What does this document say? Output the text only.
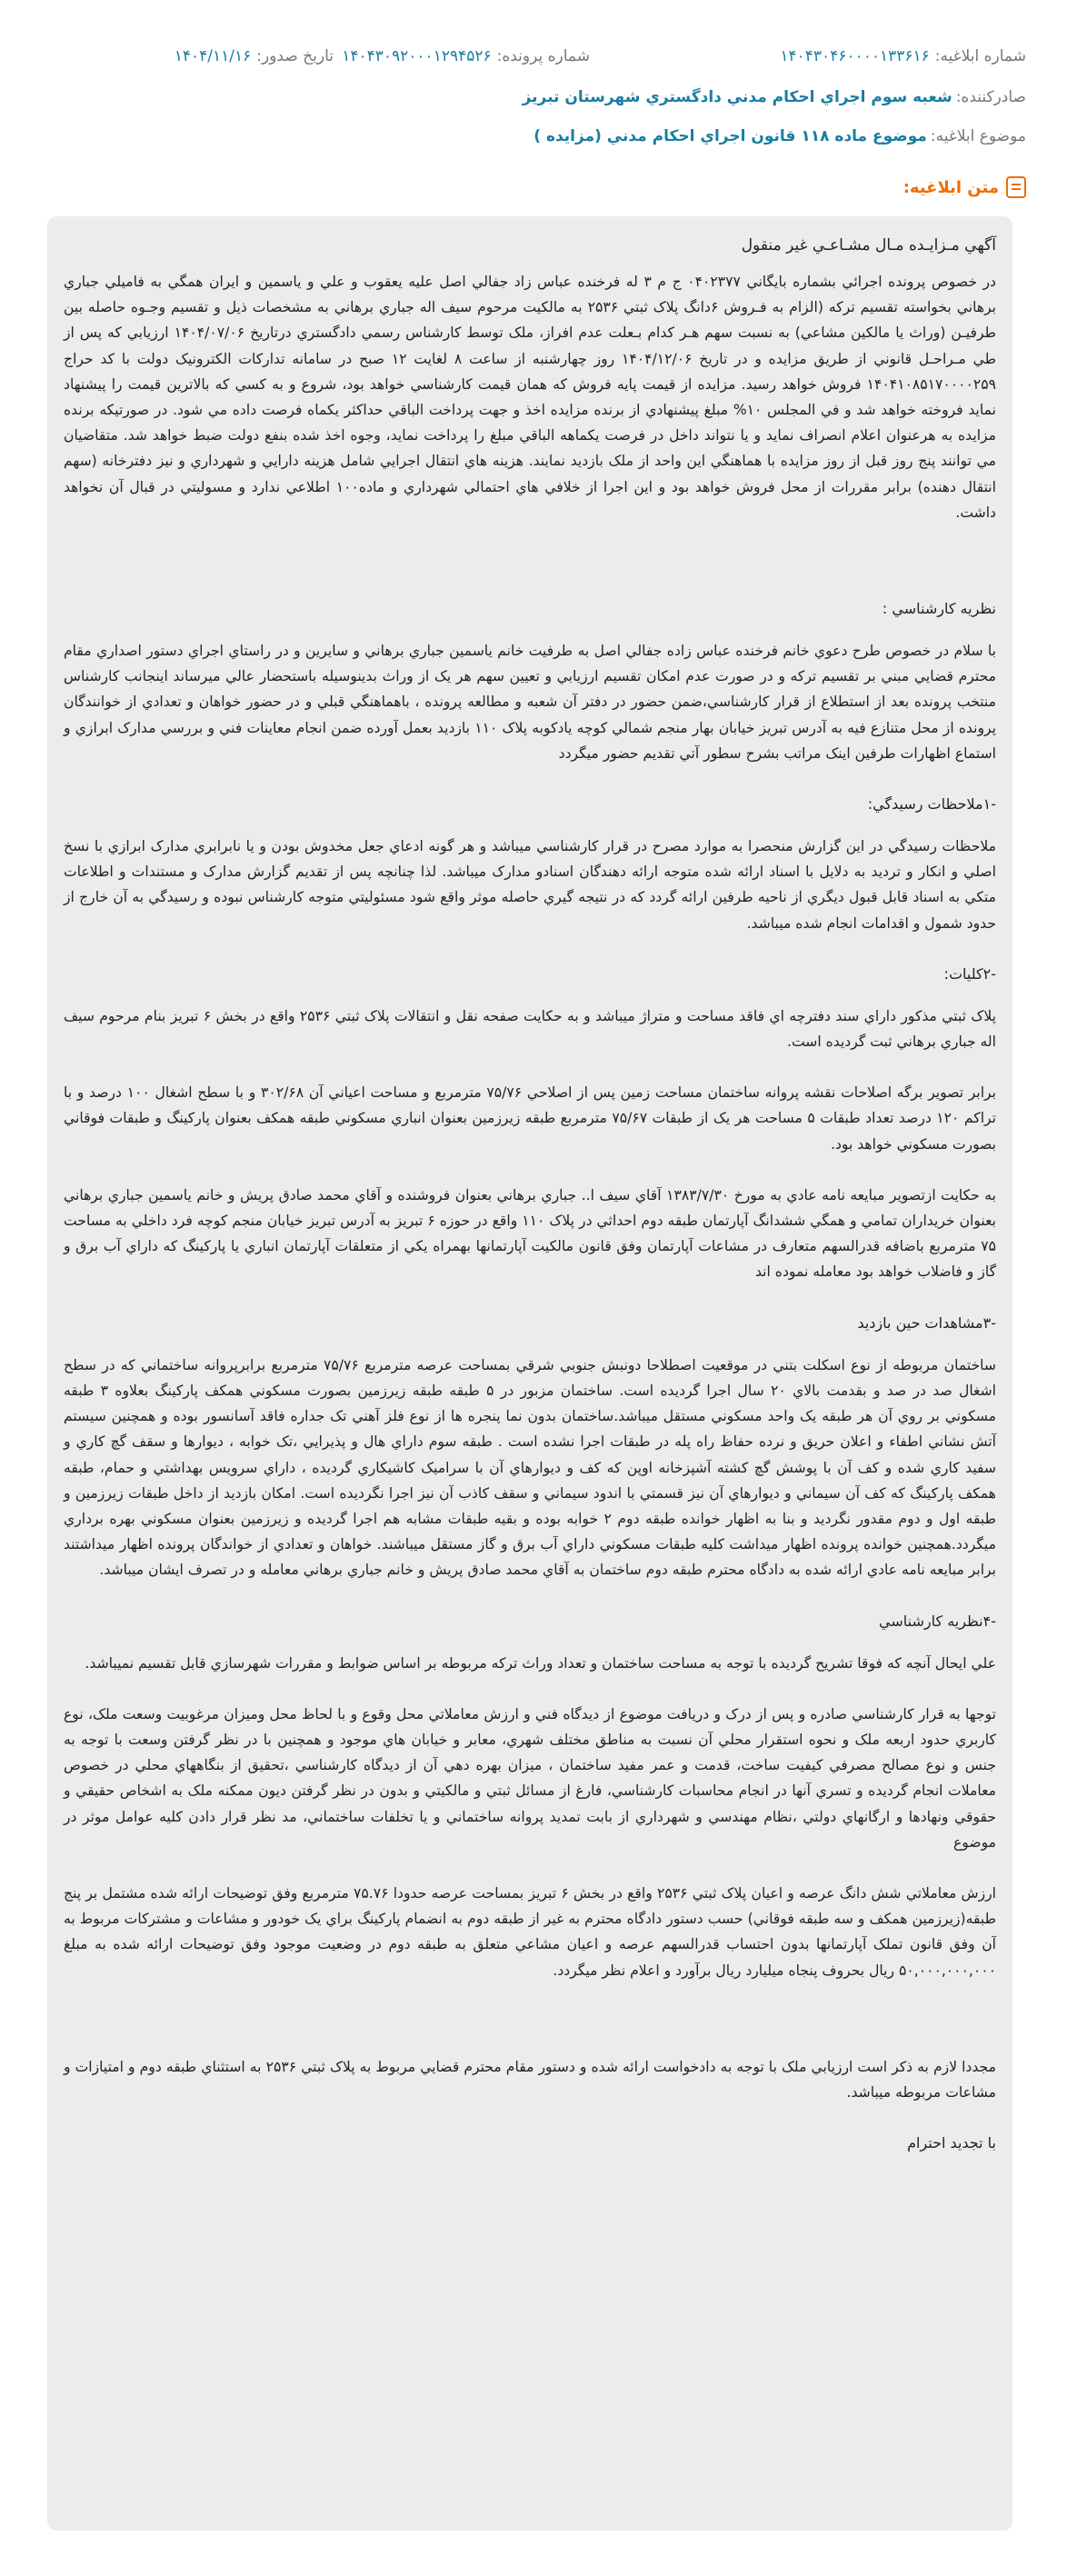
شماره ابلاغيه:۱۴۰۴۳۰۴۶۰۰۰۰۱۳۳۶۱۶
شماره پرونده:۱۴۰۴۳۰۹۲۰۰۰۱۲۹۴۵۲۶
تاريخ صدور:۱۴۰۴/۱۱/۱۶
صادرکننده:شعبه سوم اجراي احکام مدني دادگستري شهرستان تبريز
موضوع ابلاغيه:موضوع ماده ۱۱۸ قانون اجراي احکام مدني (مزايده )
متن ابلاغيه:
آگهي مـزايـده مـال مشـاعـي غير منقول

در خصوص پرونده اجرائي بشماره بايگاني ۰۴۰۲۳۷۷ ج م ۳ له فرخنده عباس زاد جفالي اصل عليه يعقوب و علي و ياسمين و ايران همگي به فاميلي جباري برهاني بخواسته تقسيم ترکه (الزام به فـروش ۶دانگ پلاک ثبتي ۲۵۳۶ به مالکيت مرحوم سيف اله جباري برهاني به مشخصات ذيل و تقسيم وجـوه حاصله بين طرفيـن (وراث يا مالکين مشاعي) به نسبت سهم هـر کدام بـعلت عدم افراز، ملک توسط کارشناس رسمي دادگستري درتاريخ ۱۴۰۴/۰۷/۰۶ ارزيابي که پس از طي مـراحـل قانوني از طريق مزايده و در تاريخ ۱۴۰۴/۱۲/۰۶ روز چهارشنبه از ساعت ۸ لغايت ۱۲ صبح در سامانه تدارکات الکترونيک دولت با کد حراج ۱۴۰۴۱۰۸۵۱۷۰۰۰۰۲۵۹ فروش خواهد رسيد. مزايده از قيمت پايه فروش که همان قيمت کارشناسي خواهد بود، شروع و به کسي که بالاترين قيمت را پيشنهاد نمايد فروخته خواهد شد و في المجلس ۱۰% مبلغ پيشنهادي از برنده مزايده اخذ و جهت پرداخت الباقي حداکثر يکماه فرصت داده مي شود. در صورتيکه برنده مزايده به هرعنوان اعلام انصراف نمايد و يا نتواند داخل در فرصت يکماهه الباقي مبلغ را پرداخت نمايد، وجوه اخذ شده بنفع دولت ضبط خواهد شد. متقاضيان مي توانند پنج روز قبل از روز مزايده با هماهنگي اين واحد از ملک بازديد نمايند. هزينه هاي انتقال اجرايي شامل هزينه دارايي و شهرداري و نيز دفترخانه (سهم انتقال دهنده) برابر مقررات از محل فروش خواهد بود و اين اجرا از خلافي هاي احتمالي شهرداري و ماده۱۰۰ اطلاعي ندارد و مسوليتي در قبال آن نخواهد داشت.

نظريه کارشناسي :

با سلام در خصوص طرح دعوي خانم فرخنده عباس زاده جفالي اصل به طرفيت خانم ياسمين جباري برهاني و سايرين و در راستاي اجراي دستور اصداري مقام محترم قضايي مبني بر تقسيم ترکه و در صورت عدم امکان تقسيم ارزيابي و تعيين سهم هر يک از وراث بدينوسيله باستحضار عالي ميرساند اينجانب کارشناس منتخب پرونده بعد از استطلاع از قرار کارشناسي،ضمن حضور در دفتر آن شعبه و مطالعه پرونده ، باهماهنگي قبلي و در حضور خواهان و تعدادي از خوانندگان پرونده از محل متنازع فيه به آدرس تبريز خيابان بهار منجم شمالي کوچه يادکوبه پلاک ۱۱۰ بازديد بعمل آورده ضمن انجام معاينات فني و بررسي مدارک ابرازي و استماع اظهارات طرفين اينک مراتب بشرح سطور آتي تقديم حضور ميگردد

-۱ملاحظات رسيدگي:

ملاحظات رسيدگي در اين گزارش منحصرا به موارد مصرح در قرار کارشناسي ميباشد و هر گونه ادعاي جعل مخدوش بودن و يا نابرابري مدارک ابرازي با نسخ اصلي و انکار و ترديد به دلايل با اسناد ارائه شده متوجه ارائه دهندگان اسنادو مدارک ميباشد. لذا چنانچه پس از تقديم گزارش مدارک و مستندات و اطلاعات متکي به اسناد قابل قبول ديگري از ناحيه طرفين ارائه گردد که در نتيجه گيري حاصله موثر واقع شود مسئوليتي متوجه کارشناس نبوده و رسيدگي به آن خارج از حدود شمول و اقدامات انجام شده ميباشد.

-۲کليات:

پلاک ثبتي مذکور داراي سند دفترچه اي فاقد مساحت و متراژ ميباشد و به حکايت صفحه نقل و انتقالات پلاک ثبتي ۲۵۳۶ واقع در بخش ۶ تبريز بنام مرحوم سيف اله جباري برهاني ثبت گرديده است.

برابر تصوير برگه اصلاحات نقشه پروانه ساختمان مساحت زمين پس از اصلاحي ۷۵/۷۶ مترمربع و مساحت اعياني آن ۳۰۲/۶۸ و با سطح اشغال ۱۰۰ درصد و با تراکم ۱۲۰ درصد تعداد طبقات ۵ مساحت هر يک از طبقات ۷۵/۶۷ مترمربع طبقه زيرزمين بعنوان انباري مسکوني طبقه همکف بعنوان پارکينگ و طبقات فوقاني بصورت مسکوني خواهد بود.

به حکايت ازتصوير مبايعه نامه عادي به مورخ ۱۳۸۳/۷/۳۰ آقاي سيف ا.. جباري برهاني بعنوان فروشنده و آقاي محمد صادق پريش و خانم ياسمين جباري برهاني بعنوان خريداران تمامي و همگي ششدانگ آپارتمان طبقه دوم احداثي در پلاک ۱۱۰ واقع در حوزه ۶ تبريز به آدرس تبريز خيابان منجم کوچه فرد داخلي به مساحت ۷۵ مترمربع باضافه قدرالسهم متعارف در مشاعات آپارتمان وفق قانون مالکيت آپارتمانها بهمراه يکي از متعلقات آپارتمان انباري يا پارکينگ که داراي آب برق و گاز و فاضلاب خواهد بود معامله نموده اند

-۳مشاهدات حين بازديد

ساختمان مربوطه از نوع اسکلت بتني در موقعيت اصطلاحا دونبش جنوبي شرقي بمساحت عرصه مترمربع ۷۵/۷۶ مترمربع برابرپروانه ساختماني که در سطح اشغال صد در صد و بقدمت بالاي ۲۰ سال اجرا گرديده است. ساختمان مزبور در ۵ طبقه طبقه زيرزمين بصورت مسکوني همکف پارکينگ بعلاوه ۳ طبقه مسکوني بر روي آن هر طبقه يک واحد مسکوني مستقل ميباشد.ساختمان بدون نما پنجره ها از نوع فلز آهني تک جداره فاقد آسانسور بوده و همچنين سيستم آتش نشاني اطفاء و اعلان حريق و نرده حفاظ راه پله در طبقات اجرا نشده است . طبقه سوم داراي هال و پذيرايي ،تک خوابه ، ديوارها و سقف گچ کاري و سفيد کاري شده و کف آن با پوشش گچ کشته آشپزخانه اوپن که کف و ديوارهاي آن با سراميک کاشيکاري گرديده ، داراي سرويس بهداشتي و حمام، طبقه همکف پارکينگ که کف آن سيماني و ديوارهاي آن نيز قسمتي با اندود سيماني و سقف کاذب آن نيز اجرا نگرديده است. امکان بازديد از داخل طبقات زيرزمين و طبقه اول و دوم مقدور نگرديد و بنا به اظهار خوانده طبقه دوم ۲ خوابه بوده و بقيه طبقات مشابه هم اجرا گرديده و زيرزمين بعنوان مسکوني بهره برداري ميگردد.همچنين خوانده پرونده اظهار ميداشت کليه طبقات مسکوني داراي آب برق و گاز مستقل ميباشند. خواهان و تعدادي از خواندگان پرونده اظهار ميداشتند برابر مبايعه نامه عادي ارائه شده به دادگاه محترم طبقه دوم ساختمان به آقاي محمد صادق پريش و خانم جباري برهاني معامله و در تصرف ايشان ميباشد.

-۴نظريه کارشناسي

علي ايحال آنچه که فوقا تشريح گرديده با توجه به مساحت ساختمان و تعداد وراث ترکه مربوطه بر اساس ضوابط و مقررات شهرسازي قابل تقسيم نميباشد.

توجها به قرار کارشناسي صادره و پس از درک و دريافت موضوع از ديدگاه فني و ارزش معاملاتي محل وقوع و با لحاظ محل وميزان مرغوبيت وسعت ملک، نوع کاربري حدود اربعه ملک و نحوه استقرار محلي آن نسبت به مناطق مختلف شهري، معابر و خيابان هاي موجود و همچنين با در نظر گرفتن وسعت با توجه به جنس و نوع مصالح مصرفي کيفيت ساخت، قدمت و عمر مفيد ساختمان ، ميزان بهره دهي آن از ديدگاه کارشناسي ،تحقيق از بنگاههاي محلي در خصوص معاملات انجام گرديده و تسري آنها در انجام محاسبات کارشناسي، فارغ از مسائل ثبتي و مالکيتي و بدون در نظر گرفتن ديون ممکنه ملک به اشخاص حقيقي و حقوقي ونهادها و ارگانهاي دولتي ،نظام مهندسي و شهرداري از بابت تمديد پروانه ساختماني و يا تخلفات ساختماني، مد نظر قرار دادن کليه عوامل موثر در موضوع

ارزش معاملاتي شش دانگ عرصه و اعيان پلاک ثبتي ۲۵۳۶ واقع در بخش ۶ تبريز بمساحت عرصه حدودا ۷۵.۷۶ مترمربع وفق توضيحات ارائه شده مشتمل بر پنج طبقه(زيرزمين همکف و سه طبقه فوقاني) حسب دستور دادگاه محترم به غير از طبقه دوم به انضمام پارکينگ براي يک خودور و مشاعات و مشترکات مربوط به آن وفق قانون تملک آپارتمانها بدون احتساب قدرالسهم عرصه و اعيان مشاعي متعلق به طبقه دوم در وضعيت موجود وفق توضيحات ارائه شده به مبلغ ۵۰,۰۰۰,۰۰۰,۰۰۰ ريال بحروف پنجاه ميلیارد ريال برآورد و اعلام نظر ميگردد.

مجددا لازم به ذکر است ارزيابي ملک با توجه به دادخواست ارائه شده و دستور مقام محترم قضايي مربوط به پلاک ثبتي ۲۵۳۶ به استثناي طبقه دوم و امتيازات و مشاعات مربوطه ميباشد.

با تجديد احترام
